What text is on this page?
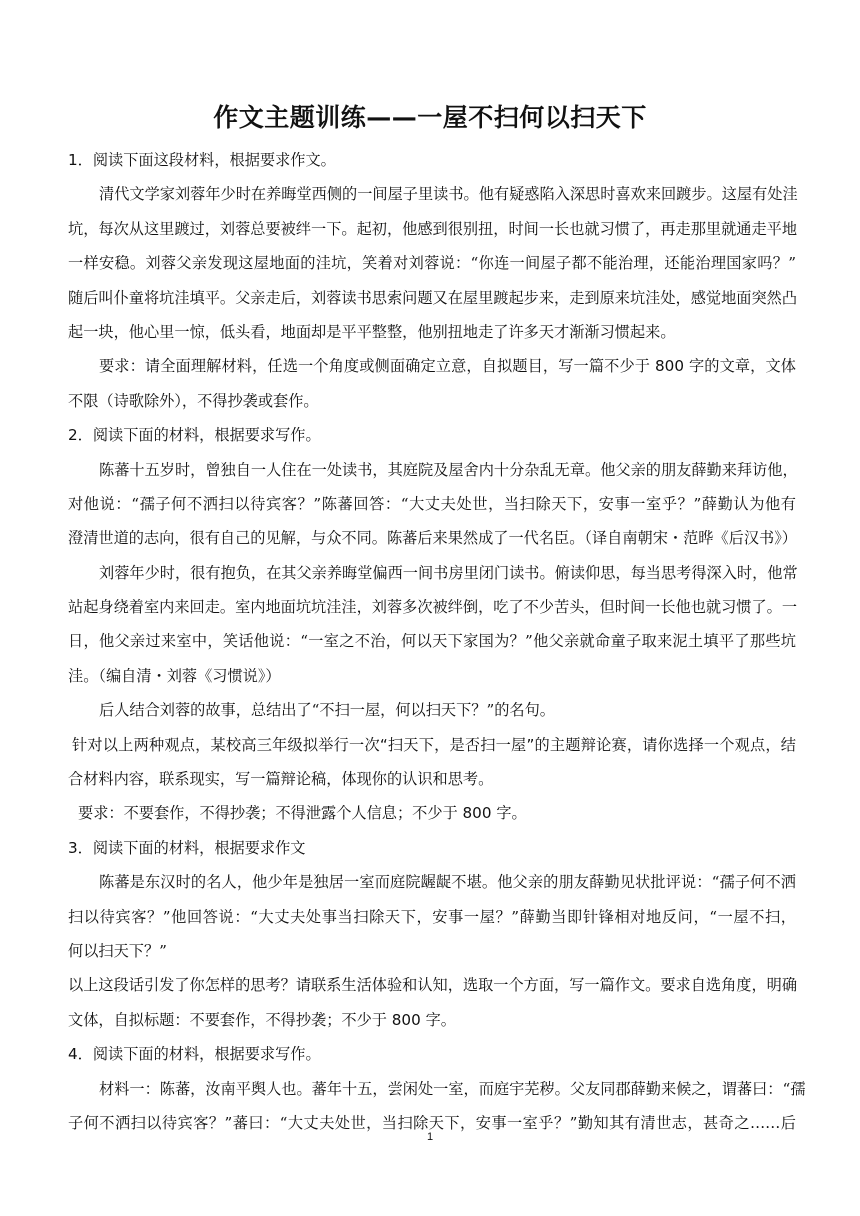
作文主题训练——一屋不扫何以扫天下
1．阅读下面这段材料，根据要求作文。
清代文学家刘蓉年少时在养晦堂西侧的一间屋子里读书。他有疑惑陷入深思时喜欢来回踱步。这屋有处洼
坑，每次从这里踱过，刘蓉总要被绊一下。起初，他感到很别扭，时间一长也就习惯了，再走那里就通走平地
一样安稳。刘蓉父亲发现这屋地面的洼坑，笑着对刘蓉说：“你连一间屋子都不能治理，还能治理国家吗？”
随后叫仆童将坑洼填平。父亲走后，刘蓉读书思索问题又在屋里踱起步来，走到原来坑洼处，感觉地面突然凸
起一块，他心里一惊，低头看，地面却是平平整整，他别扭地走了许多天才渐渐习惯起来。
要求：请全面理解材料，任选一个角度或侧面确定立意，自拟题目，写一篇不少于 800 字的文章，文体
不限（诗歌除外），不得抄袭或套作。
2．阅读下面的材料，根据要求写作。
陈蕃十五岁时，曾独自一人住在一处读书，其庭院及屋舍内十分杂乱无章。他父亲的朋友薛勤来拜访他，
对他说：“孺子何不洒扫以待宾客？”陈蕃回答：“大丈夫处世，当扫除天下，安事一室乎？”薛勤认为他有
澄清世道的志向，很有自己的见解，与众不同。陈蕃后来果然成了一代名臣。（译自南朝宋・范晔《后汉书》）
刘蓉年少时，很有抱负，在其父亲养晦堂偏西一间书房里闭门读书。俯读仰思，每当思考得深入时，他常
站起身绕着室内来回走。室内地面坑坑洼洼，刘蓉多次被绊倒，吃了不少苦头，但时间一长他也就习惯了。一
日，他父亲过来室中，笑话他说：“一室之不治，何以天下家国为？”他父亲就命童子取来泥土填平了那些坑
洼。（编自清・刘蓉《习惯说》）
后人结合刘蓉的故事，总结出了“不扫一屋，何以扫天下？”的名句。
针对以上两种观点，某校高三年级拟举行一次“扫天下，是否扫一屋”的主题辩论赛，请你选择一个观点，结
合材料内容，联系现实，写一篇辩论稿，体现你的认识和思考。
要求：不要套作，不得抄袭；不得泄露个人信息；不少于 800 字。
3．阅读下面的材料，根据要求作文
陈蕃是东汉时的名人，他少年是独居一室而庭院龌龊不堪。他父亲的朋友薛勤见状批评说：“孺子何不洒
扫以待宾客？”他回答说：“大丈夫处事当扫除天下，安事一屋？”薛勤当即针锋相对地反问，“一屋不扫，
何以扫天下？”
以上这段话引发了你怎样的思考？请联系生活体验和认知，选取一个方面，写一篇作文。要求自选角度，明确
文体，自拟标题：不要套作，不得抄袭；不少于 800 字。
4．阅读下面的材料，根据要求写作。
材料一：陈蕃，汝南平舆人也。蕃年十五，尝闲处一室，而庭宇芜秽。父友同郡薛勤来候之，谓蕃曰：“孺
子何不洒扫以待宾客？”蕃曰：“大丈夫处世，当扫除天下，安事一室乎？”勤知其有清世志，甚奇之……后
1
